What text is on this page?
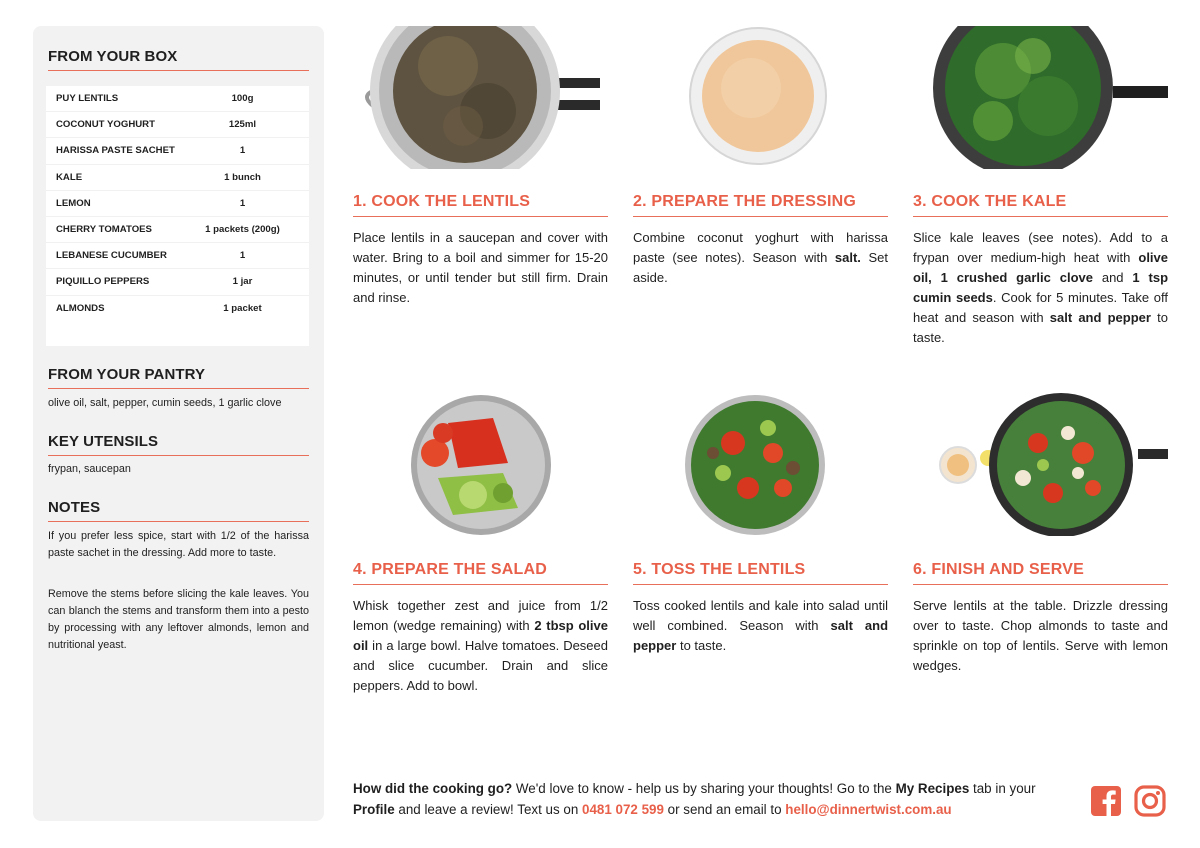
FROM YOUR BOX
PUY LENTILS	100g
COCONUT YOGHURT	125ml
HARISSA PASTE SACHET	1
KALE	1 bunch
LEMON	1
CHERRY TOMATOES	1 packets (200g)
LEBANESE CUCUMBER	1
PIQUILLO PEPPERS	1 jar
ALMONDS	1 packet
FROM YOUR PANTRY
olive oil, salt, pepper, cumin seeds, 1 garlic clove
KEY UTENSILS
frypan, saucepan
NOTES
If you prefer less spice, start with 1/2 of the harissa paste sachet in the dressing. Add more to taste.
Remove the stems before slicing the kale leaves. You can blanch the stems and transform them into a pesto by processing with any leftover almonds, lemon and nutritional yeast.
1. COOK THE LENTILS
Place lentils in a saucepan and cover with water. Bring to a boil and simmer for 15-20 minutes, or until tender but still firm. Drain and rinse.
2. PREPARE THE DRESSING
Combine coconut yoghurt with harissa paste (see notes). Season with salt. Set aside.
3. COOK THE KALE
Slice kale leaves (see notes). Add to a frypan over medium-high heat with olive oil, 1 crushed garlic clove and 1 tsp cumin seeds. Cook for 5 minutes. Take off heat and season with salt and pepper to taste.
4. PREPARE THE SALAD
Whisk together zest and juice from 1/2 lemon (wedge remaining) with 2 tbsp olive oil in a large bowl. Halve tomatoes. Deseed and slice cucumber. Drain and slice peppers. Add to bowl.
5. TOSS THE LENTILS
Toss cooked lentils and kale into salad until well combined. Season with salt and pepper to taste.
6. FINISH AND SERVE
Serve lentils at the table. Drizzle dressing over to taste. Chop almonds to taste and sprinkle on top of lentils. Serve with lemon wedges.
How did the cooking go? We'd love to know - help us by sharing your thoughts! Go to the My Recipes tab in your Profile and leave a review! Text us on 0481 072 599 or send an email to hello@dinnertwist.com.au
